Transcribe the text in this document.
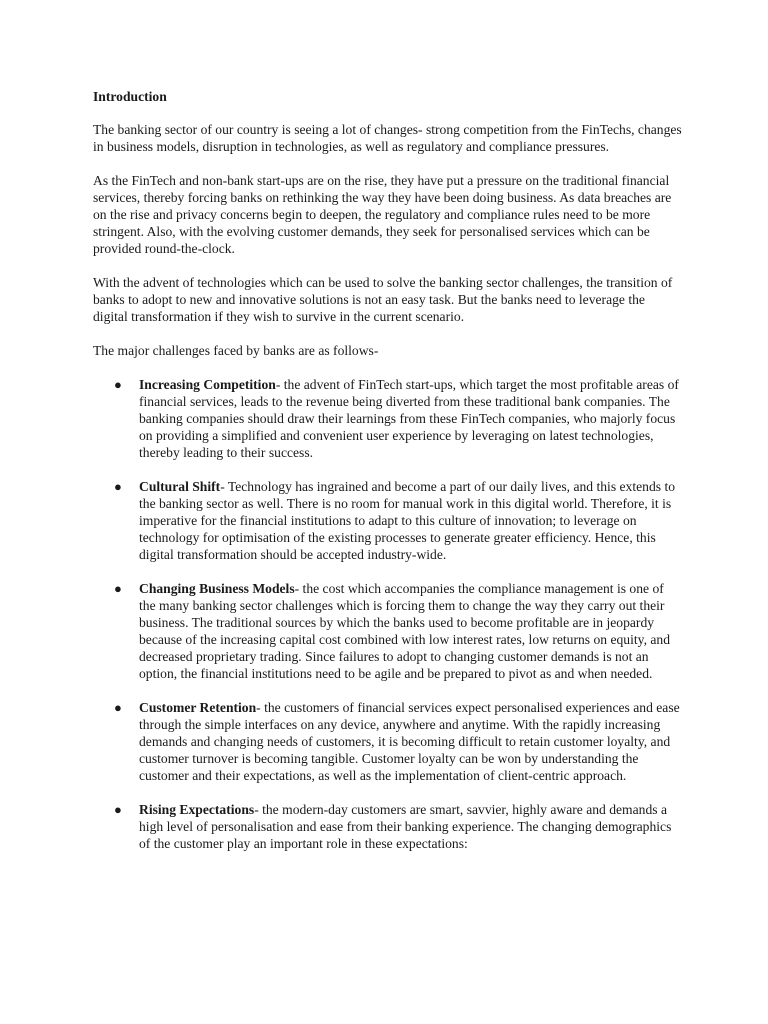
Introduction

The banking sector of our country is seeing a lot of changes- strong competition from the FinTechs, changes in business models, disruption in technologies, as well as regulatory and compliance pressures.

As the FinTech and non-bank start-ups are on the rise, they have put a pressure on the traditional financial services, thereby forcing banks on rethinking the way they have been doing business. As data breaches are on the rise and privacy concerns begin to deepen, the regulatory and compliance rules need to be more stringent. Also, with the evolving customer demands, they seek for personalised services which can be provided round-the-clock.

With the advent of technologies which can be used to solve the banking sector challenges, the transition of banks to adopt to new and innovative solutions is not an easy task. But the banks need to leverage the digital transformation if they wish to survive in the current scenario.

The major challenges faced by banks are as follows-

● Increasing Competition- the advent of FinTech start-ups, which target the most profitable areas of financial services, leads to the revenue being diverted from these traditional bank companies. The banking companies should draw their learnings from these FinTech companies, who majorly focus on providing a simplified and convenient user experience by leveraging on latest technologies, thereby leading to their success.
● Cultural Shift- Technology has ingrained and become a part of our daily lives, and this extends to the banking sector as well. There is no room for manual work in this digital world. Therefore, it is imperative for the financial institutions to adapt to this culture of innovation; to leverage on technology for optimisation of the existing processes to generate greater efficiency. Hence, this digital transformation should be accepted industry-wide.
● Changing Business Models- the cost which accompanies the compliance management is one of the many banking sector challenges which is forcing them to change the way they carry out their business. The traditional sources by which the banks used to become profitable are in jeopardy because of the increasing capital cost combined with low interest rates, low returns on equity, and decreased proprietary trading. Since failures to adopt to changing customer demands is not an option, the financial institutions need to be agile and be prepared to pivot as and when needed.
● Customer Retention- the customers of financial services expect personalised experiences and ease through the simple interfaces on any device, anywhere and anytime. With the rapidly increasing demands and changing needs of customers, it is becoming difficult to retain customer loyalty, and customer turnover is becoming tangible. Customer loyalty can be won by understanding the customer and their expectations, as well as the implementation of client-centric approach.
● Rising Expectations- the modern-day customers are smart, savvier, highly aware and demands a high level of personalisation and ease from their banking experience. The changing demographics of the customer play an important role in these expectations:
